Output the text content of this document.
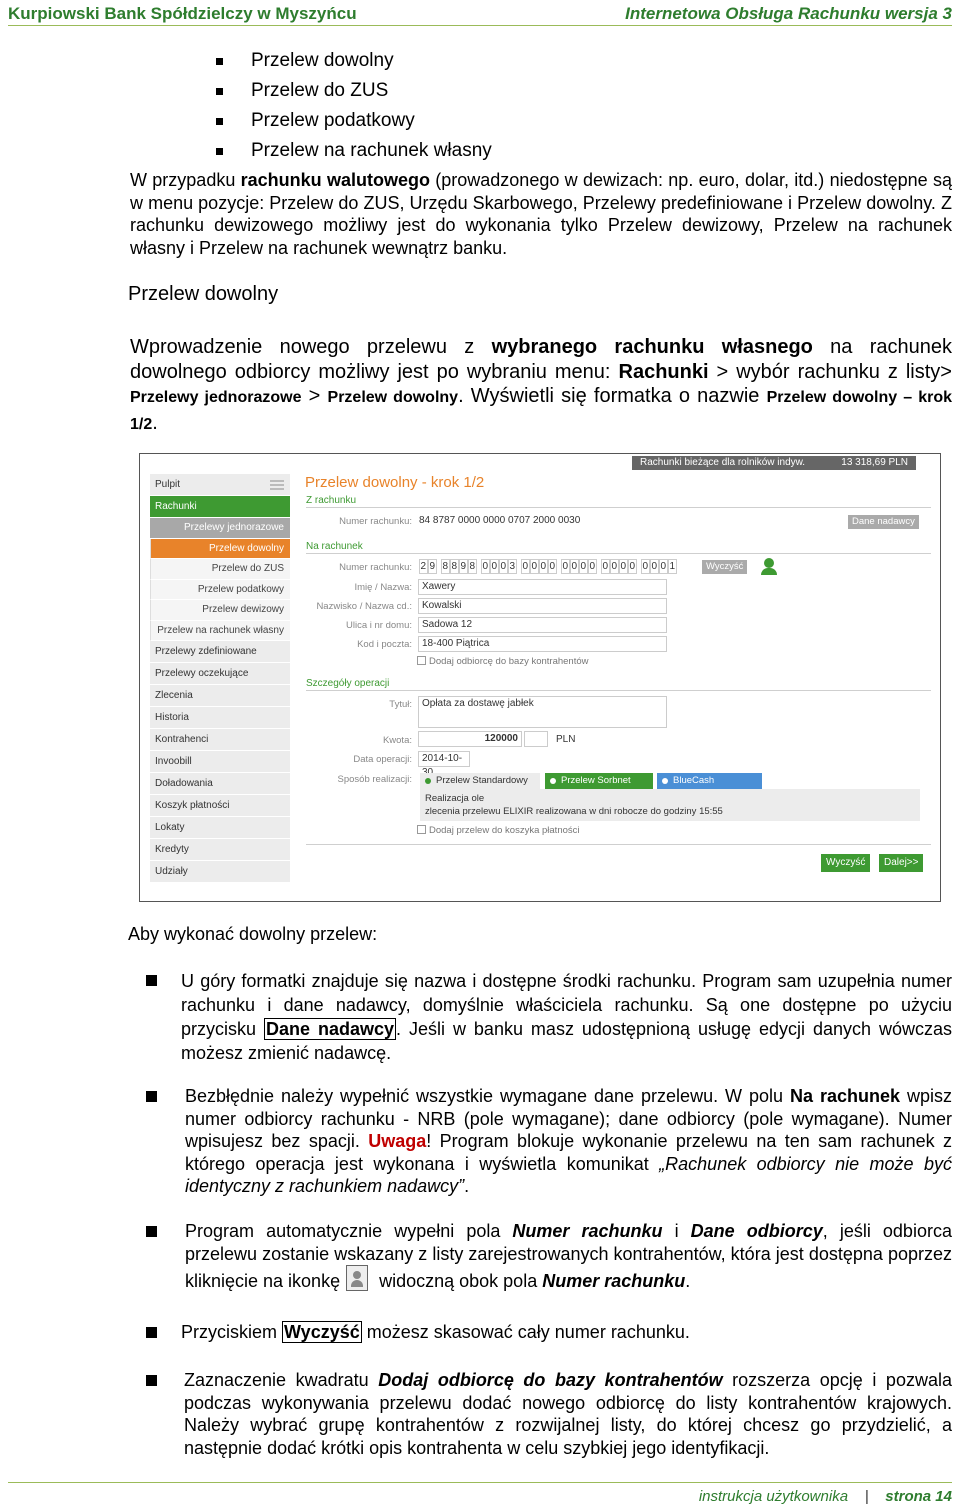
Kurpiowski Bank Spółdzielczy w Myszyńcu	Internetowa Obsługa Rachunku wersja 3
Przelew dowolny
Przelew do ZUS
Przelew podatkowy
Przelew na rachunek własny
W przypadku rachunku walutowego (prowadzonego w dewizach: np. euro, dolar, itd.) niedostępne są w menu pozycje: Przelew do ZUS, Urzędu Skarbowego, Przelewy predefiniowane i Przelew dowolny. Z rachunku dewizowego możliwy jest do wykonania tylko Przelew dewizowy, Przelew na rachunek własny i Przelew na rachunek wewnątrz banku.
Przelew dowolny
Wprowadzenie nowego przelewu z wybranego rachunku własnego na rachunek dowolnego odbiorcy możliwy jest po wybraniu menu: Rachunki > wybór rachunku z listy> Przelewy jednorazowe > Przelew dowolny. Wyświetli się formatka o nazwie Przelew dowolny – krok 1/2.
Pulpit
Rachunki
Przelewy jednorazowe
Przelew dowolny
Przelew do ZUS
Przelew podatkowy
Przelew dewizowy
Przelew na rachunek własny
Przelewy zdefiniowane
Przelewy oczekujące
Zlecenia
Historia
Kontrahenci
Invoobill
Doładowania
Koszyk płatności
Lokaty
Kredyty
Udziały
Rachunki bieżące dla rolników indyw.	13 318,69 PLN
Przelew dowolny - krok 1/2
Z rachunku
Numer rachunku: 84 8787 0000 0000 0707 2000 0030	Dane nadawcy
Na rachunek
Numer rachunku: 2 9 8 8 9 8 0 0 0 3 0 0 0 0 0 0 0 0 0 0 0 0 0 0 0 1	Wyczyść
Imię / Nazwa:	Xawery
Nazwisko / Nazwa cd.:	Kowalski
Ulica i nr domu:	Sadowa 12
Kod i poczta:	18-400 Piątrica
Dodaj odbiorcę do bazy kontrahentów
Szczegóły operacji
Tytuł:	Opłata za dostawę jabłek
Kwota:	120000	PLN
Data operacji:	2014-10-
Sposób realizacji:	Przelew Standardowy	Przelew Sorbnet	BlueCash
Realizacja ole
zlecenia przelewu ELIXIR realizowana w dni robocze do godziny 15:55
Dodaj przelew do koszyka płatności
Wyczyść	Dalej>>
Aby wykonać dowolny przelew:
U góry formatki znajduje się nazwa i dostępne środki rachunku. Program sam uzupełnia numer rachunku i dane nadawcy, domyślnie właściciela rachunku. Są one dostępne po użyciu przycisku Dane nadawcy . Jeśli w banku masz udostępnioną usługę edycji danych wówczas możesz zmienić nadawcę.
Bezbłędnie należy wypełnić wszystkie wymagane dane przelewu. W polu Na rachunek wpisz numer odbiorcy rachunku - NRB (pole wymagane); dane odbiorcy (pole wymagane). Numer wpisujesz bez spacji. Uwaga! Program blokuje wykonanie przelewu na ten sam rachunek z którego operacja jest wykonana i wyświetla komunikat „Rachunek odbiorcy nie może być identyczny z rachunkiem nadawcy”.
Program automatycznie wypełni pola Numer rachunku i Dane odbiorcy, jeśli odbiorca przelewu zostanie wskazany z listy zarejestrowanych kontrahentów, która jest dostępna poprzez kliknięcie na ikonkę widoczną obok pola Numer rachunku.
Przyciskiem Wyczyść możesz skasować cały numer rachunku.
Zaznaczenie kwadratu Dodaj odbiorcę do bazy kontrahentów rozszerza opcję i pozwala podczas wykonywania przelewu dodać nowego odbiorcę do listy kontrahentów krajowych. Należy wybrać grupę kontrahentów z rozwijalnej listy, do której chcesz go przydzielić, a następnie dodać krótki opis kontrahenta w celu szybkiej jego identyfikacji.
instrukcja użytkownika | strona 14
